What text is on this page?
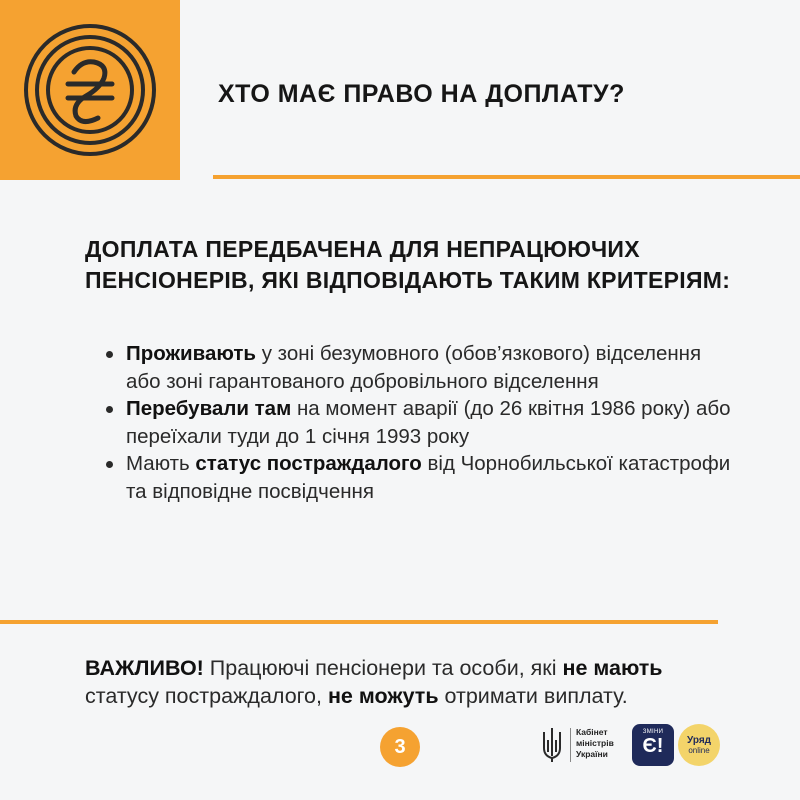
ХТО МАЄ ПРАВО НА ДОПЛАТУ?
ДОПЛАТА ПЕРЕДБАЧЕНА ДЛЯ НЕПРАЦЮЮЧИХ ПЕНСІОНЕРІВ, ЯКІ ВІДПОВІДАЮТЬ ТАКИМ КРИТЕРІЯМ:
Проживають у зоні безумовного (обов’язкового) відселення або зоні гарантованого добровільного відселення
Перебували там на момент аварії (до 26 квітня 1986 року) або переїхали туди до 1 січня 1993 року
Мають статус постраждалого від Чорнобильської катастрофи та відповідне посвідчення
ВАЖЛИВО! Працюючі пенсіонери та особи, які не мають статусу постраждалого, не можуть отримати виплату.
3
Кабінет
міністрів
України
ЗМІНИ
Є!	Уряд
online
